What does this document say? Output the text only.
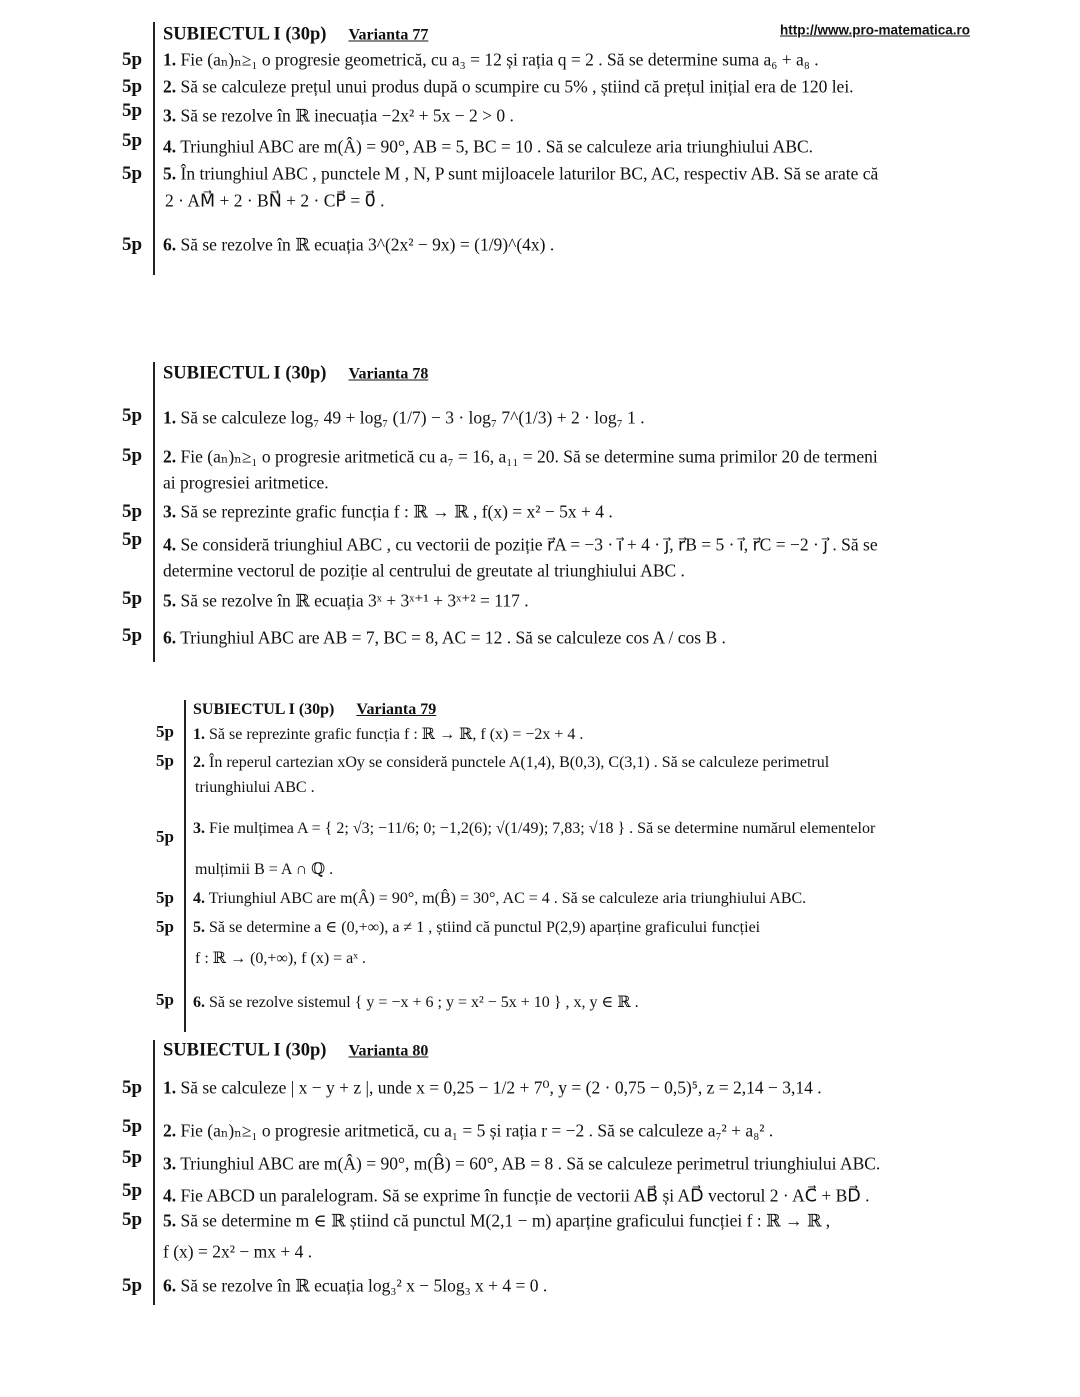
http://www.pro-matematica.ro
SUBIECTUL I (30p) Varianta 77
5p 1. Fie (aₙ)ₙ≥₁ o progresie geometrică, cu a₃ = 12 și rația q = 2 . Să se determine suma a₆ + a₈ .
5p 2. Să se calculeze prețul unui produs după o scumpire cu 5% , știind că prețul inițial era de 120 lei.
5p 3. Să se rezolve în ℝ inecuația −2x² + 5x − 2 > 0 .
5p 4. Triunghiul ABC are m(Â) = 90°, AB = 5, BC = 10 . Să se calculeze aria triunghiului ABC.
5p 5. În triunghiul ABC , punctele M , N, P sunt mijloacele laturilor BC, AC, respectiv AB. Să se arate că
2 · AM⃗ + 2 · BN⃗ + 2 · CP⃗ = 0⃗ .
5p 6. Să se rezolve în ℝ ecuația 3^(2x² − 9x) = (1/9)^(4x) .
SUBIECTUL I (30p) Varianta 78
5p 1. Să se calculeze log₇ 49 + log₇ (1/7) − 3 · log₇ 7^(1/3) + 2 · log₇ 1 .
5p 2. Fie (aₙ)ₙ≥₁ o progresie aritmetică cu a₇ = 16, a₁₁ = 20. Să se determine suma primilor 20 de termeni
ai progresiei aritmetice.
5p 3. Să se reprezinte grafic funcția f : ℝ → ℝ , f(x) = x² − 5x + 4 .
5p 4. Se consideră triunghiul ABC , cu vectorii de poziție r⃗A = −3 · i⃗ + 4 · j⃗, r⃗B = 5 · i⃗, r⃗C = −2 · j⃗ . Să se
determine vectorul de poziție al centrului de greutate al triunghiului ABC .
5p 5. Să se rezolve în ℝ ecuația 3ˣ + 3ˣ⁺¹ + 3ˣ⁺² = 117 .
5p 6. Triunghiul ABC are AB = 7, BC = 8, AC = 12 . Să se calculeze cos A / cos B .
SUBIECTUL I (30p) Varianta 79
5p 1. Să se reprezinte grafic funcția f : ℝ → ℝ, f (x) = −2x + 4 .
5p 2. În reperul cartezian xOy se consideră punctele A(1,4), B(0,3), C(3,1) . Să se calculeze perimetrul
triunghiului ABC .
5p 3. Fie mulțimea A = { 2; √3; −11/6; 0; −1,2(6); √(1/49); 7,83; √18 } . Să se determine numărul elementelor
mulțimii B = A ∩ ℚ .
5p 4. Triunghiul ABC are m(Â) = 90°, m(B̂) = 30°, AC = 4 . Să se calculeze aria triunghiului ABC.
5p 5. Să se determine a ∈ (0,+∞), a ≠ 1 , știind că punctul P(2,9) aparține graficului funcției
f : ℝ → (0,+∞), f (x) = aˣ .
5p 6. Să se rezolve sistemul { y = −x + 6 ; y = x² − 5x + 10 } , x, y ∈ ℝ .
SUBIECTUL I (30p) Varianta 80
5p 1. Să se calculeze | x − y + z |, unde x = 0,25 − 1/2 + 7⁰, y = (2 · 0,75 − 0,5)⁵, z = 2,14 − 3,14 .
5p 2. Fie (aₙ)ₙ≥₁ o progresie aritmetică, cu a₁ = 5 și rația r = −2 . Să se calculeze a₇² + a₈² .
5p 3. Triunghiul ABC are m(Â) = 90°, m(B̂) = 60°, AB = 8 . Să se calculeze perimetrul triunghiului ABC.
5p 4. Fie ABCD un paralelogram. Să se exprime în funcție de vectorii AB⃗ și AD⃗ vectorul 2 · AC⃗ + BD⃗ .
5p 5. Să se determine m ∈ ℝ știind că punctul M(2,1 − m) aparține graficului funcției f : ℝ → ℝ ,
f (x) = 2x² − mx + 4 .
5p 6. Să se rezolve în ℝ ecuația log₃² x − 5log₃ x + 4 = 0 .
